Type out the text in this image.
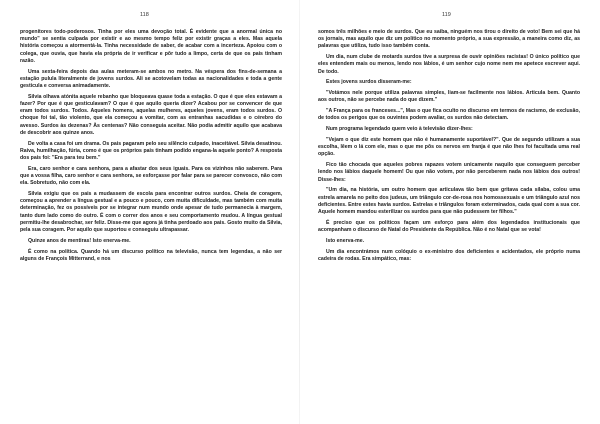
118

progenitores todo-poderosos. Tinha por eles uma devoção total. É evidente que a anormal única no mundo" se sentia culpada por existir e ao mesmo tempo feliz por existir graças a eles. Mas aquela história começou a atormentá-la. Tinha necessidade de saber, de acabar com a incerteza. Apoiou com o colega, que ouvia, que havia ela própria de ir verificar e pôr tudo a limpo, certa de que os pais tinham razão.

Uma sexta-feira depois das aulas meteram-se ambos no metro. Na véspera dos fins-de-semana a estação pulula literalmente de jovens surdos. Ali se acotovelam todas as nacionalidades e toda a gente gesticula e conversa animadamente.

Silvia olhava atónita aquele rebanho que bloqueava quase toda a estação. O que é que eles estavam a fazer? Por que é que gesticulavam? O que é que aquilo queria dizer? Acabou por se convencer de que eram todos surdos. Todos. Aqueles homens, aquelas mulheres, aqueles jovens, eram todos surdos. O choque foi tal, tão violento, que ela começou a vomitar, com as entranhas sacudidas e o cérebro do avesso. Surdos às dezenas? Às centenas? Não conseguia aceitar. Não podia admitir aquilo que acabava de descobrir aos quinze anos.

De volta a casa foi um drama. Os pais pagaram pelo seu silêncio culpado, inaceitável. Silvia desatinou. Raiva, humilhação, fúria, como é que os próprios pais tinham podido engana-la aquele ponto? A resposta dos pais foi: "Era para teu bem."

Era, caro senhor e cara senhora, para a afastar dos seus iguais. Para os vizinhos não saberem. Para que a vossa filha, caro senhor e cara senhora, se esforçasse por falar para se parecer convosco, não com ela. Sobretudo, não com ela.

Silvia exigiu que os pais a mudassem de escola para encontrar outros surdos. Cheia de coragem, começou a aprender a língua gestual e a pouco e pouco, com muita dificuldade, mas também com muita determinação, fez os possíveis por se integrar num mundo onde apesar de tudo permanecia à margem, tanto dum lado como do outro. É com o correr dos anos e seu comportamento mudou. A língua gestual permitiu-lhe desabrochar, ser feliz. Disse-me que agora já tinha perdoado aos pais. Gosto muito da Silvia, pela sua coragem. Por aquilo que suportou e conseguiu ultrapassar.

Quinze anos de mentiras! Isto enerva-me.

É como na política. Quando há um discurso político na televisão, nunca tem legendas, a não ser alguns de François Mitterrand, e nos

119

somos três milhões e meio de surdos. Que eu saiba, ninguém nos tirou o direito de voto! Bem sei que há os jornais, mas aquilo que diz um político no momento próprio, a sua expressão, a maneira como diz, as palavras que utiliza, tudo isso também conta.

Um dia, num clube de motards surdos tive a surpresa de ouvir opiniões racistas! O único político que eles entendem mais ou menos, lendo nos lábios, é um senhor cujo nome nem me apetece escrever aqui. De todo.

Estes jovens surdos disseram-me:

"Votámos nele porque utiliza palavras simples, liam-se facilmente nos lábios. Articula bem. Quanto aos outros, não se percebe nada do que dizem."

"A França para os franceses...", Mas o que fica oculto no discurso em termos de racismo, de exclusão, de todos os perigos que os ouvintes podem avaliar, os surdos não detectam.

Num programa legendado quem veio à televisão dizer-lhes:

"Vejam o que diz este homem que não é humanamente suportável?". Que de segundo utilizam a sua escolha, lêem o lá com ele, mas o que me pôs os nervos em franja é que não lhes foi facultada uma real opção.

Fico tão chocada que aqueles pobres rapazes votem unicamente naquilo que conseguem perceber lendo nos lábios daquele homem! Ou que não votem, por não perceberem nada nos lábios dos outros! Disse-lhes:

"Um dia, na história, um outro homem que articulava tão bem que gritava cada sílaba, colou uma estrela amarela no peito dos judeus, um triângulo cor-de-rosa nos homossexuais e um triângulo azul nos deficientes. Entre estes havia surdos. Estrelas e triângulos foram exterminados, cada qual com a sua cor. Aquele homem mandou esterilizar os surdos para que não pudessem ter filhos."

É preciso que os políticos façam um esforço para além dos legendados institucionais que acompanham o discurso de Natal do Presidente da República. Não é no Natal que se vota!

Isto enerva-me.

Um dia encontrámos num colóquio o ex-ministro dos deficientes e acidentados, ele próprio numa cadeira de rodas. Era simpático, mas:
